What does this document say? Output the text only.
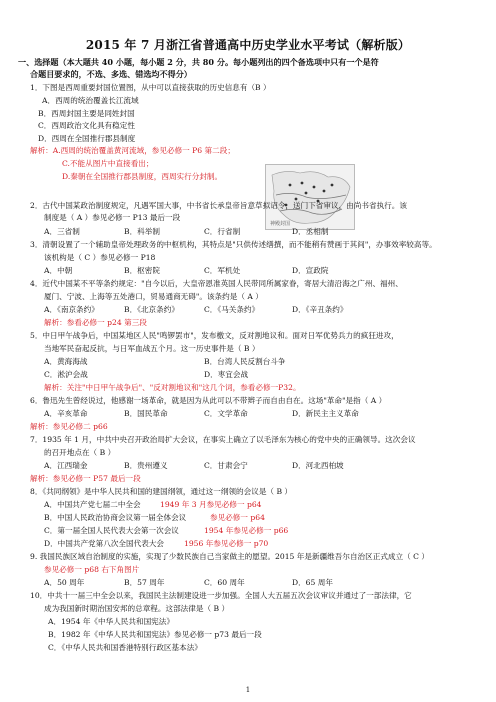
2015 年 7 月浙江省普通高中历史学业水平考试（解析版）
一、选择题（本大题共 40 小题，每小题 2 分，共 80 分。每小题列出的四个备选项中只有一个是符
合题目要求的，不选、多选、错选均不得分）
神殿封国
1．下图是西周重要封国位置图，从中可以直接获取的历史信息有（B ）
A．西周的统治覆盖长江流域
B．西周封国主要是同姓封国
C．西周政治文化具有稳定性
D．西周在全国推行郡县制度
解析：A.西周的统治覆盖黄河流域，参见必修一 P6 第二段；
C.不能从图片中直接看出；
D.秦朝在全国推行郡县制度，西周实行分封制。
2．古代中国某政治制度规定，凡遇军国大事，中书省长承皇帝旨意草拟诏令，送门下省审议，由尚书省执行。该
制度是（ A ）参见必修一 P13 最后一段
A．三省制	B．科举制	C．行省制	D．丞相制
3．清朝设置了一个辅助皇帝处理政务的中枢机构，其特点是"只供传述缮撰，而不能稍有赞画于其间"，办事效率较高等。
该机构是（ C ）参见必修一 P18
A．中朝	B．枢密院	C．军机处	D．宣政院
4．近代中国某不平等条约规定："自今以后，大皇帝恩准英国人民带同所属家眷，寄居大清沿海之广州、福州、
厦门、宁波、上海等五处港口，贸易通商无碍"。该条约是（ A ）
A．《南京条约》	B．《北京条约》	C．《马关条约》	D．《辛丑条约》
解析：参看必修一 p24 第三段
5．中日甲午战争后，中国某地区人民"鸣锣罢市"，发布檄文，反对割地议和。面对日军优势兵力的疯狂进攻，
当地军民奋起反抗，与日军血战五个月。这一历史事件是（ B ）
A．黄海海战	B．台湾人民反割台斗争
C．淞沪会战	D．枣宜会战
解析：关注"中日甲午战争后"、"反对割地议和"这几个词，参看必修一P32。
6．鲁迅先生曾经说过，他感谢一场革命，就是因为从此可以不带辫子而自由自在。这场"革命"是指（ A ）
A．辛亥革命	B．国民革命	C．文学革命	D．新民主主义革命
解析：参见必修二 p66
7．1935 年 1 月，中共中央召开政治局扩大会议，在事实上确立了以毛泽东为核心的党中央的正确领导。这次会议
的召开地点在（ B ）
A．江西瑞金	B．贵州遵义	C．甘肃会宁	D．河北西柏坡
解析：参见必修一 P57 最后一段
8．《共同纲领》是中华人民共和国的建国纲领，通过这一纲领的会议是（ B ）
A．中国共产党七届二中全会	1949 年 3 月参见必修一 p64
B．中国人民政治协商会议第一届全体会议	参见必修一 p64
C．第一届全国人民代表大会第一次会议	1954 年参见必修一 p66
D．中国共产党第八次全国代表大会	1956 年参见必修一 p70
9. 我国民族区域自治制度的实施，实现了少数民族自己当家做主的愿望。2015 年是新疆维吾尔自治区正式成立（ C ）
参见必修一 p68 右下角图片
A．50 周年	B．57 周年	C．60 周年	D．65 周年
10．中共十一届三中全会以来，我国民主法制建设进一步加强。全国人大五届五次会议审议并通过了一部法律，它
成为我国新时期治国安邦的总章程。这部法律是（ B ）
A．1954 年《中华人民共和国宪法》
B．1982 年《中华人民共和国宪法》参见必修一 p73 最后一段
C．《中华人民共和国香港特别行政区基本法》
1
